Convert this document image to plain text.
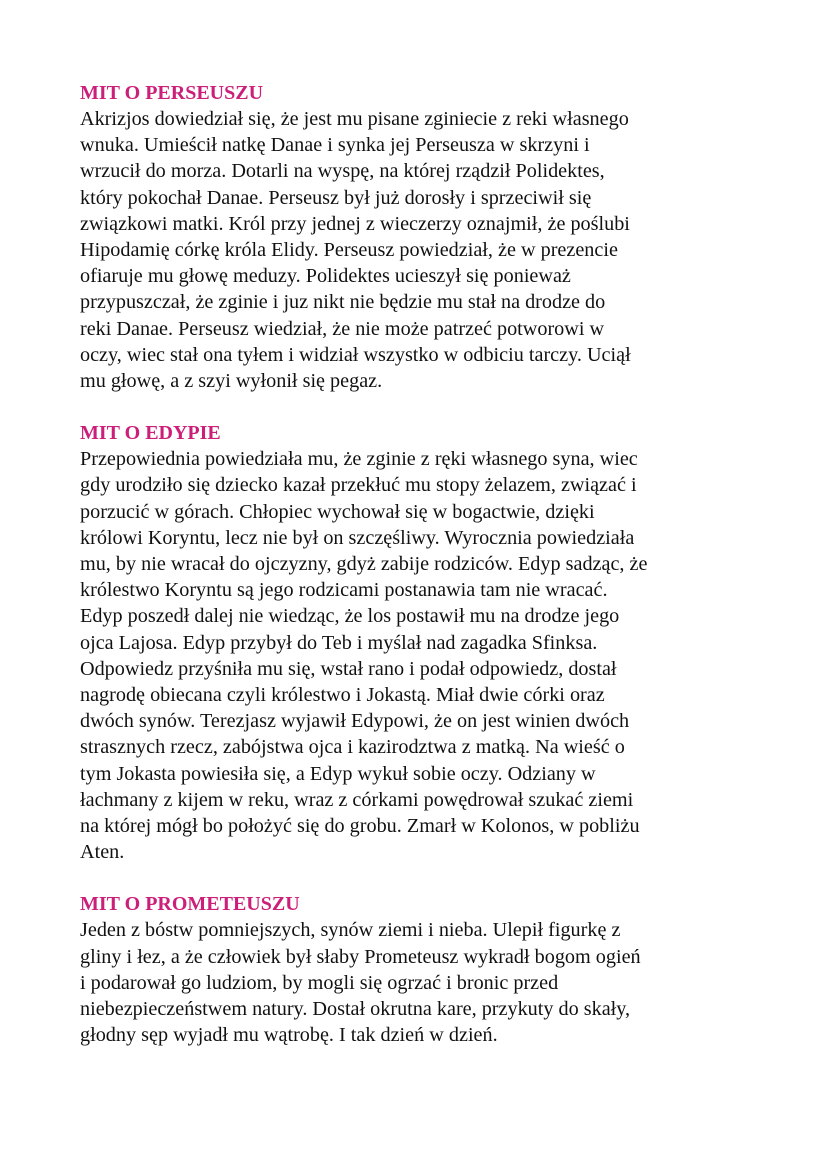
MIT O PERSEUSZU

Akrizjos dowiedział się, że jest mu pisane zginiecie z reki własnego
wnuka. Umieścił natkę Danae i synka jej Perseusza w skrzyni i
wrzucił do morza. Dotarli na wyspę, na której rządził Polidektes,
który pokochał Danae. Perseusz był już dorosły i sprzeciwił się
związkowi matki. Król przy jednej z wieczerzy oznajmił, że poślubi
Hipodamię córkę króla Elidy. Perseusz powiedział, że w prezencie
ofiaruje mu głowę meduzy. Polidektes ucieszył się ponieważ
przypuszczał, że zginie i juz nikt nie będzie mu stał na drodze do
reki Danae. Perseusz wiedział, że nie może patrzeć potworowi w
oczy, wiec stał ona tyłem i widział wszystko w odbiciu tarczy. Uciął
mu głowę, a z szyi wyłonił się pegaz.

MIT O EDYPIE

Przepowiednia powiedziała mu, że zginie z ręki własnego syna, wiec
gdy urodziło się dziecko kazał przekłuć mu stopy żelazem, związać i
porzucić w górach. Chłopiec wychował się w bogactwie, dzięki
królowi Koryntu, lecz nie był on szczęśliwy. Wyrocznia powiedziała
mu, by nie wracał do ojczyzny, gdyż zabije rodziców. Edyp sadząc, że
królestwo Koryntu są jego rodzicami postanawia tam nie wracać.
Edyp poszedł dalej nie wiedząc, że los postawił mu na drodze jego
ojca Lajosa. Edyp przybył do Teb i myślał nad zagadka Sfinksa.
Odpowiedz przyśniła mu się, wstał rano i podał odpowiedz, dostał
nagrodę obiecana czyli królestwo i Jokastą. Miał dwie córki oraz
dwóch synów. Terezjasz wyjawił Edypowi, że on jest winien dwóch
strasznych rzecz, zabójstwa ojca i kazirodztwa z matką. Na wieść o
tym Jokasta powiesiła się, a Edyp wykuł sobie oczy. Odziany w
łachmany z kijem w reku, wraz z córkami powędrował szukać ziemi
na której mógł bo położyć się do grobu. Zmarł w Kolonos, w pobliżu
Aten.

MIT O PROMETEUSZU

Jeden z bóstw pomniejszych, synów ziemi i nieba. Ulepił figurkę z
gliny i łez, a że człowiek był słaby Prometeusz wykradł bogom ogień
i podarował go ludziom, by mogli się ogrzać i bronic przed
niebezpieczeństwem natury. Dostał okrutna kare, przykuty do skały,
głodny sęp wyjadł mu wątrobę. I tak dzień w dzień.
